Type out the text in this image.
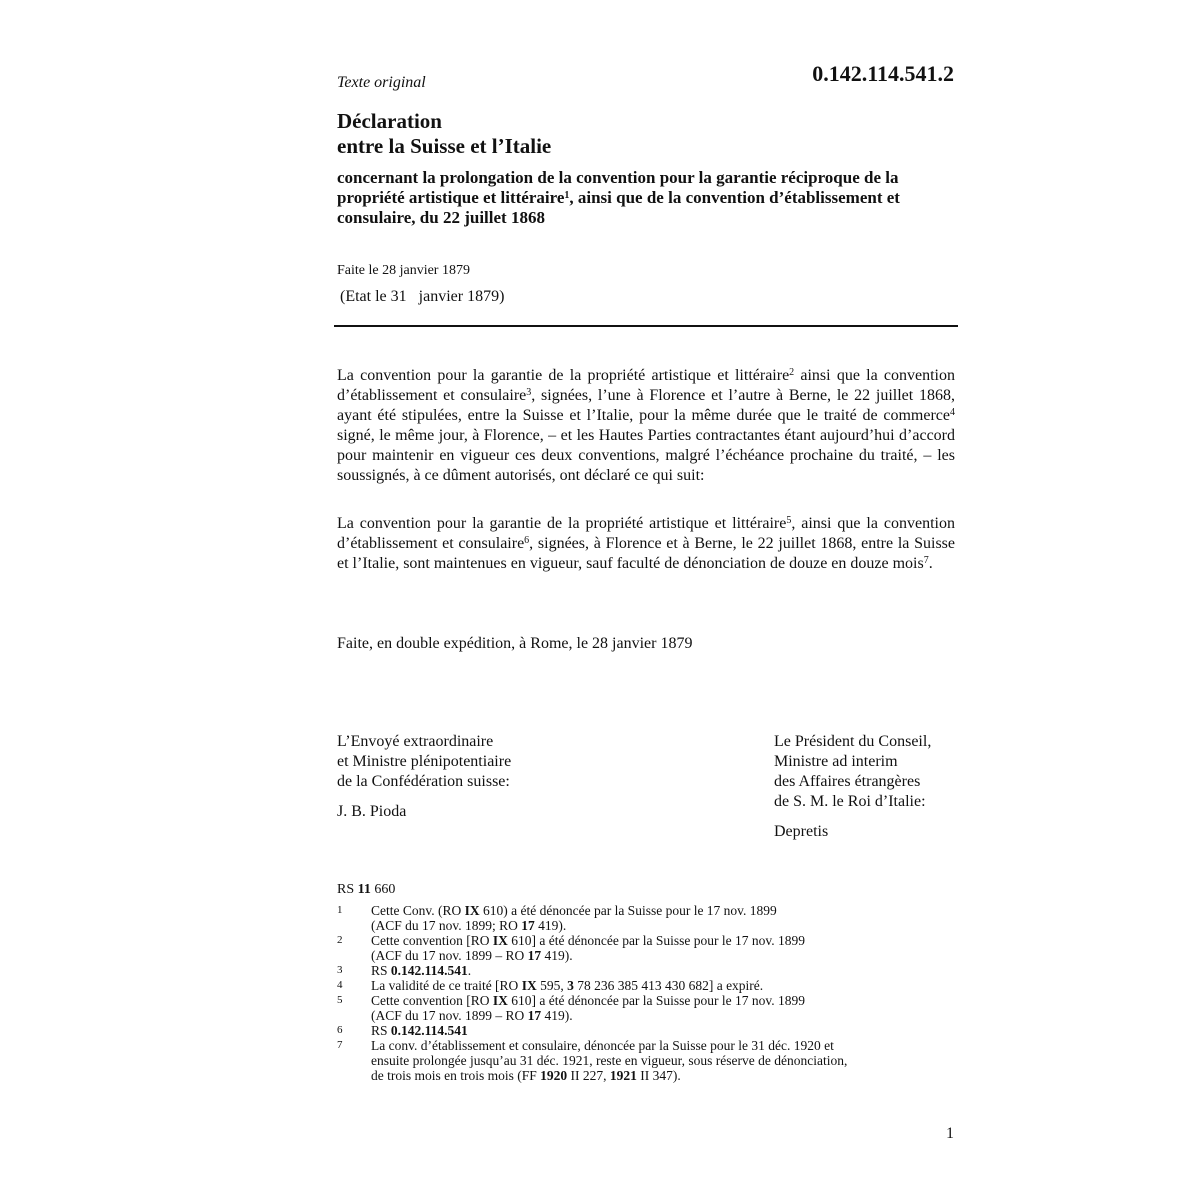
Texte original	0.142.114.541.2
Déclaration
entre la Suisse et l’Italie
concernant la prolongation de la convention pour la garantie réciproque de la propriété artistique et littéraire$^1$, ainsi que de la convention d’établissement et consulaire, du 22 juillet 1868
Faite le 28 janvier 1879
(Etat le 31   janvier 1879)
La convention pour la garantie de la propriété artistique et littéraire$^2$ ainsi que la convention d’établissement et consulaire$^3$, signées, l’une à Florence et l’autre à Berne, le 22 juillet 1868, ayant été stipulées, entre la Suisse et l’Italie, pour la même durée que le traité de commerce$^4$ signé, le même jour, à Florence, – et les Hautes Parties contractantes étant aujourd’hui d’accord pour maintenir en vigueur ces deux conventions, malgré l’échéance prochaine du traité, – les soussignés, à ce dûment autorisés, ont déclaré ce qui suit:
La convention pour la garantie de la propriété artistique et littéraire$^5$, ainsi que la convention d’établissement et consulaire$^6$, signées, à Florence et à Berne, le 22 juillet 1868, entre la Suisse et l’Italie, sont maintenues en vigueur, sauf faculté de dénonciation de douze en douze mois$^7$.
Faite, en double expédition, à Rome, le 28 janvier 1879
L’Envoyé extraordinaire
et Ministre plénipotentiaire
de la Confédération suisse:
J. B. Pioda
Le Président du Conseil,
Ministre ad interim
des Affaires étrangères
de S. M. le Roi d’Italie:
Depretis
RS 11 660
1	Cette Conv. (RO IX 610) a été dénoncée par la Suisse pour le 17 nov. 1899
(ACF du 17 nov. 1899; RO 17 419).
2	Cette convention [RO IX 610] a été dénoncée par la Suisse pour le 17 nov. 1899
(ACF du 17 nov. 1899 – RO 17 419).
3	RS 0.142.114.541.
4	La validité de ce traité [RO IX 595, 3 78 236 385 413 430 682] a expiré.
5	Cette convention [RO IX 610] a été dénoncée par la Suisse pour le 17 nov. 1899
(ACF du 17 nov. 1899 – RO 17 419).
6	RS 0.142.114.541
7	La conv. d’établissement et consulaire, dénoncée par la Suisse pour le 31 déc. 1920 et
ensuite prolongée jusqu’au 31 déc. 1921, reste en vigueur, sous réserve de dénonciation,
de trois mois en trois mois (FF 1920 II 227, 1921 II 347).
1
